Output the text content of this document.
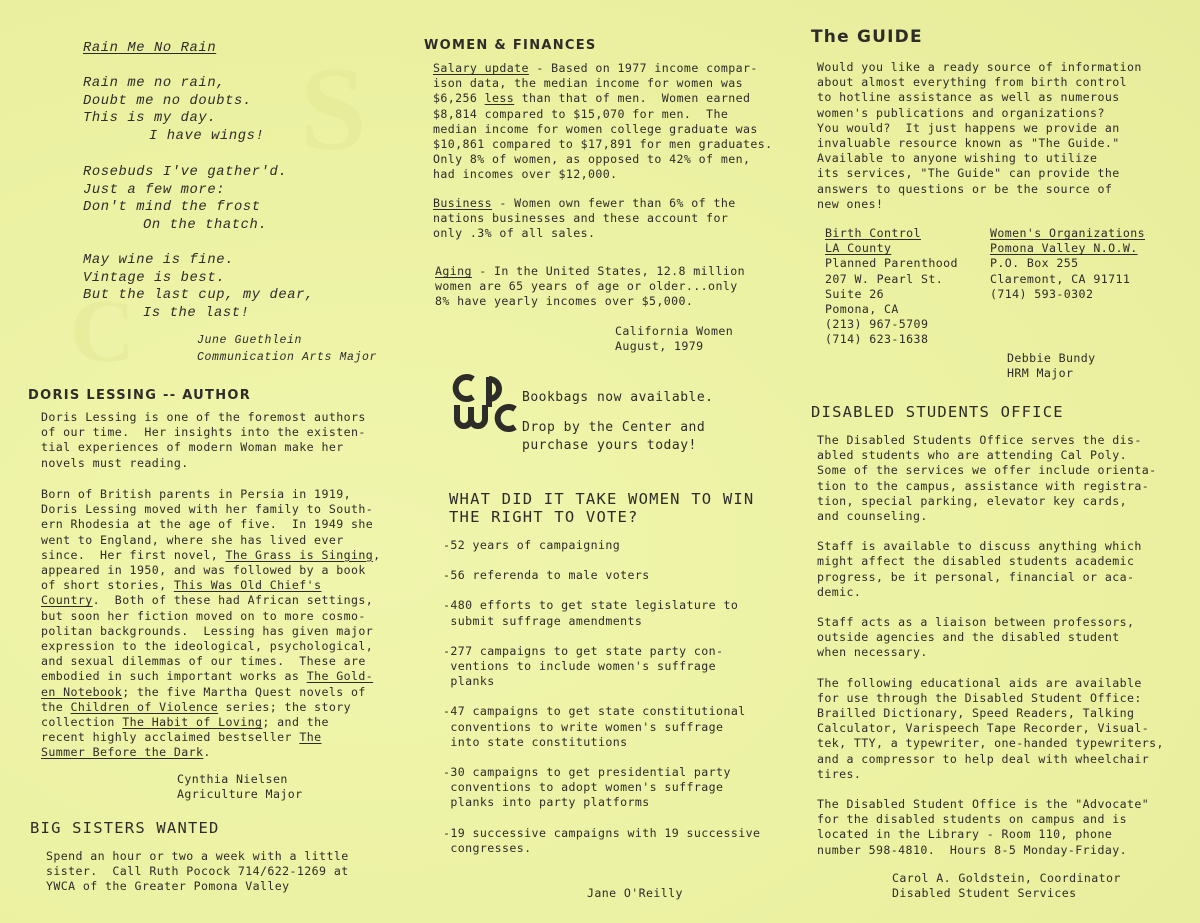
S
C
Rain Me No Rain
Rain me no rain,
Doubt me no doubts.
This is my day.
I have wings!
Rosebuds I've gather'd.
Just a few more:
Don't mind the frost
On the thatch.
May wine is fine.
Vintage is best.
But the last cup, my dear,
Is the last!
June Guethlein
Communication Arts Major
DORIS LESSING -- AUTHOR
Doris Lessing is one of the foremost authors
of our time.  Her insights into the existen-
tial experiences of modern Woman make her
novels must reading.
Born of British parents in Persia in 1919,
Doris Lessing moved with her family to South-
ern Rhodesia at the age of five.  In 1949 she
went to England, where she has lived ever
since.  Her first novel, The Grass is Singing,
appeared in 1950, and was followed by a book
of short stories, This Was Old Chief's
Country.  Both of these had African settings,
but soon her fiction moved on to more cosmo-
politan backgrounds.  Lessing has given major
expression to the ideological, psychological,
and sexual dilemmas of our times.  These are
embodied in such important works as The Gold-
en Notebook; the five Martha Quest novels of
the Children of Violence series; the story
collection The Habit of Loving; and the
recent highly acclaimed bestseller The
Summer Before the Dark.
Cynthia Nielsen
Agriculture Major
BIG SISTERS WANTED
Spend an hour or two a week with a little
sister.  Call Ruth Pocock 714/622-1269 at
YWCA of the Greater Pomona Valley
WOMEN & FINANCES
Salary update - Based on 1977 income compar-
ison data, the median income for women was
$6,256 less than that of men.  Women earned
$8,814 compared to $15,070 for men.  The
median income for women college graduate was
$10,861 compared to $17,891 for men graduates.
Only 8% of women, as opposed to 42% of men,
had incomes over $12,000.
Business - Women own fewer than 6% of the
nations businesses and these account for
only .3% of all sales.
Aging - In the United States, 12.8 million
women are 65 years of age or older...only
8% have yearly incomes over $5,000.
California Women
August, 1979
Bookbags now available.
Drop by the Center and
purchase yours today!
WHAT DID IT TAKE WOMEN TO WIN
THE RIGHT TO VOTE?
-52 years of campaigning
-56 referenda to male voters
-480 efforts to get state legislature to
submit suffrage amendments
-277 campaigns to get state party con-
ventions to include women's suffrage
planks
-47 campaigns to get state constitutional
conventions to write women's suffrage
into state constitutions
-30 campaigns to get presidential party
conventions to adopt women's suffrage
planks into party platforms
-19 successive campaigns with 19 successive
congresses.
Jane O'Reilly
The GUIDE
Would you like a ready source of information
about almost everything from birth control
to hotline assistance as well as numerous
women's publications and organizations?
You would?  It just happens we provide an
invaluable resource known as "The Guide."
Available to anyone wishing to utilize
its services, "The Guide" can provide the
answers to questions or be the source of
new ones!
Birth Control
LA County
Planned Parenthood
207 W. Pearl St.
Suite 26
Pomona, CA
(213) 967-5709
(714) 623-1638
Women's Organizations
Pomona Valley N.O.W.
P.O. Box 255
Claremont, CA 91711
(714) 593-0302
Debbie Bundy
HRM Major
DISABLED STUDENTS OFFICE
The Disabled Students Office serves the dis-
abled students who are attending Cal Poly.
Some of the services we offer include orienta-
tion to the campus, assistance with registra-
tion, special parking, elevator key cards,
and counseling.
Staff is available to discuss anything which
might affect the disabled students academic
progress, be it personal, financial or aca-
demic.
Staff acts as a liaison between professors,
outside agencies and the disabled student
when necessary.
The following educational aids are available
for use through the Disabled Student Office:
Brailled Dictionary, Speed Readers, Talking
Calculator, Varispeech Tape Recorder, Visual-
tek, TTY, a typewriter, one-handed typewriters,
and a compressor to help deal with wheelchair
tires.
The Disabled Student Office is the "Advocate"
for the disabled students on campus and is
located in the Library - Room 110, phone
number 598-4810.  Hours 8-5 Monday-Friday.
Carol A. Goldstein, Coordinator
Disabled Student Services
